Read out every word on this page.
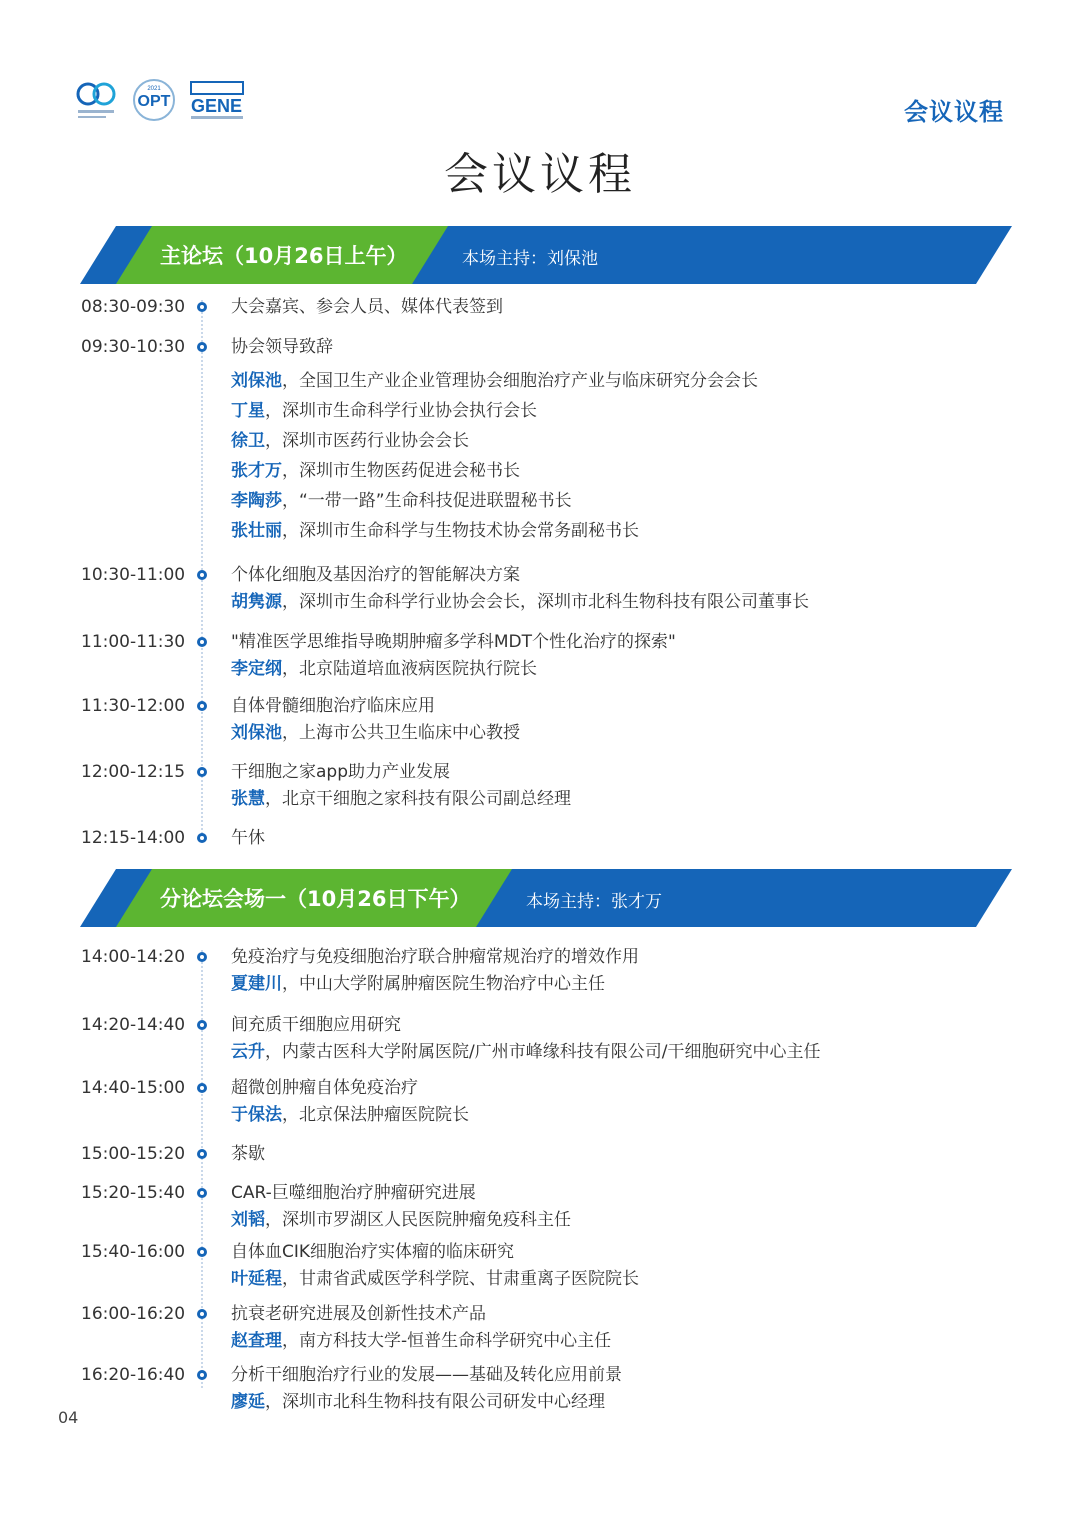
OPT
2021
GENE	会议议程
会议议程
主论坛（10月26日上午）	本场主持：刘保池
08:30-09:30	大会嘉宾、参会人员、媒体代表签到
09:30-10:30	协会领导致辞
刘保池，全国卫生产业企业管理协会细胞治疗产业与临床研究分会会长
丁星，深圳市生命科学行业协会执行会长
徐卫，深圳市医药行业协会会长
张才万，深圳市生物医药促进会秘书长
李陶莎，“一带一路”生命科技促进联盟秘书长
张壮丽，深圳市生命科学与生物技术协会常务副秘书长
10:30-11:00	个体化细胞及基因治疗的智能解决方案
胡隽源，深圳市生命科学行业协会会长，深圳市北科生物科技有限公司董事长
11:00-11:30	"精准医学思维指导晚期肿瘤多学科MDT个性化治疗的探索"
李定纲，北京陆道培血液病医院执行院长
11:30-12:00	自体骨髓细胞治疗临床应用
刘保池，上海市公共卫生临床中心教授
12:00-12:15	干细胞之家app助力产业发展
张慧，北京干细胞之家科技有限公司副总经理
12:15-14:00	午休
分论坛会场一（10月26日下午）	本场主持：张才万
14:00-14:20	免疫治疗与免疫细胞治疗联合肿瘤常规治疗的增效作用
夏建川，中山大学附属肿瘤医院生物治疗中心主任
14:20-14:40	间充质干细胞应用研究
云升，内蒙古医科大学附属医院/广州市峰缘科技有限公司/干细胞研究中心主任
14:40-15:00	超微创肿瘤自体免疫治疗
于保法，北京保法肿瘤医院院长
15:00-15:20	茶歇
15:20-15:40	CAR-巨噬细胞治疗肿瘤研究进展
刘韬，深圳市罗湖区人民医院肿瘤免疫科主任
15:40-16:00	自体血CIK细胞治疗实体瘤的临床研究
叶延程，甘肃省武威医学科学院、甘肃重离子医院院长
16:00-16:20	抗衰老研究进展及创新性技术产品
赵查理，南方科技大学-恒普生命科学研究中心主任
16:20-16:40	分析干细胞治疗行业的发展——基础及转化应用前景
廖延，深圳市北科生物科技有限公司研发中心经理
04
